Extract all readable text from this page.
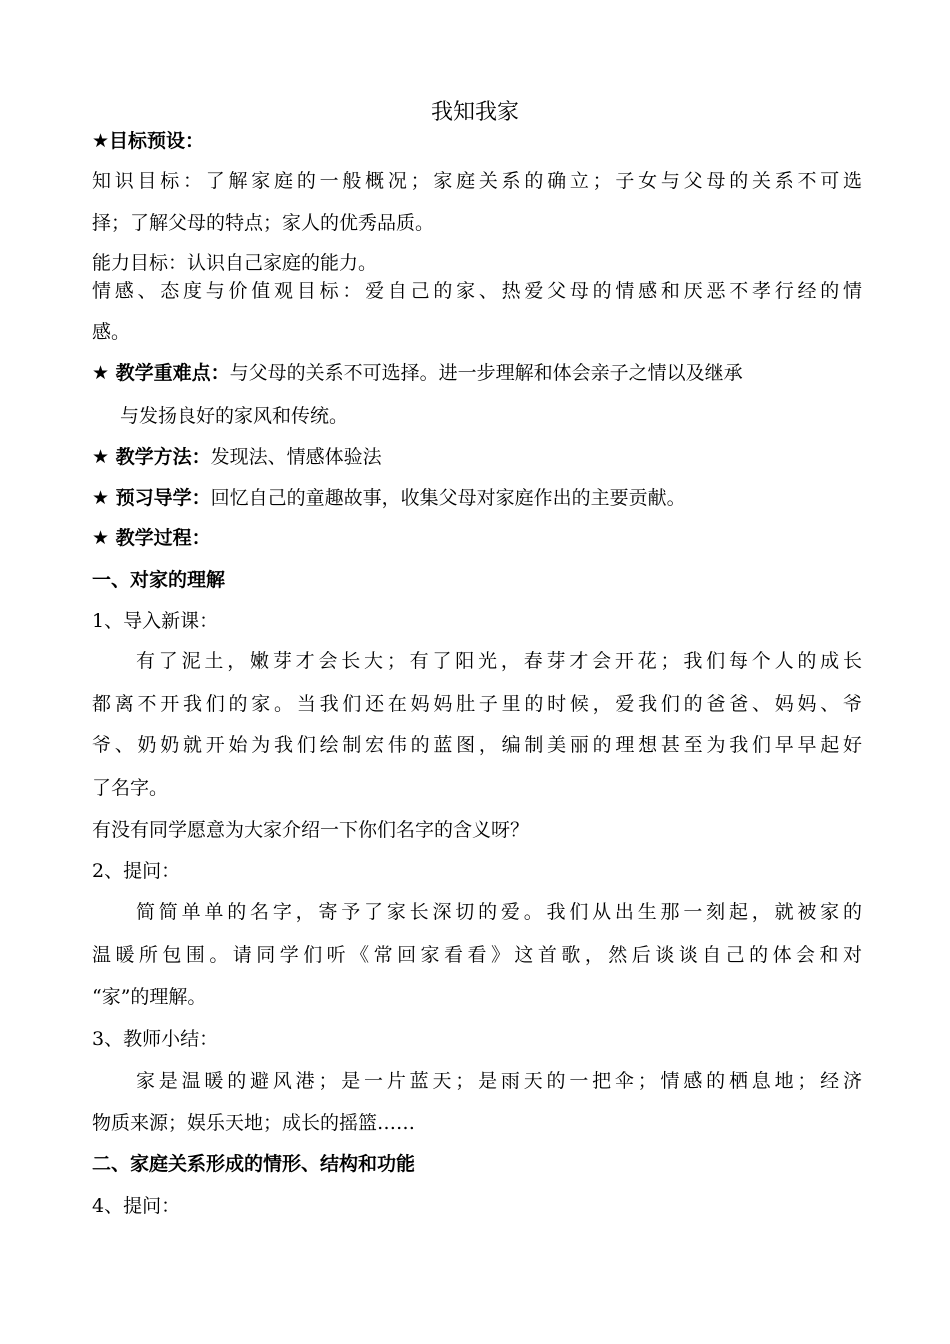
我知我家
★目标预设：
知识目标：了解家庭的一般概况；家庭关系的确立；子女与父母的关系不可选
择；了解父母的特点；家人的优秀品质。
能力目标：认识自己家庭的能力。
情感、态度与价值观目标：爱自己的家、热爱父母的情感和厌恶不孝行经的情
感。
★ 教学重难点：与父母的关系不可选择。进一步理解和体会亲子之情以及继承
与发扬良好的家风和传统。
★ 教学方法：发现法、情感体验法
★ 预习导学：回忆自己的童趣故事，收集父母对家庭作出的主要贡献。
★ 教学过程：
一、对家的理解
1、导入新课：
有了泥土，嫩芽才会长大；有了阳光，春芽才会开花；我们每个人的成长
都离不开我们的家。当我们还在妈妈肚子里的时候，爱我们的爸爸、妈妈、爷
爷、奶奶就开始为我们绘制宏伟的蓝图，编制美丽的理想甚至为我们早早起好
了名字。
有没有同学愿意为大家介绍一下你们名字的含义呀？
2、提问：
简简单单的名字，寄予了家长深切的爱。我们从出生那一刻起，就被家的
温暖所包围。请同学们听《常回家看看》这首歌，然后谈谈自己的体会和对
“家”的理解。
3、教师小结：
家是温暖的避风港；是一片蓝天；是雨天的一把伞；情感的栖息地；经济
物质来源；娱乐天地；成长的摇篮……
二、家庭关系形成的情形、结构和功能
4、提问：
